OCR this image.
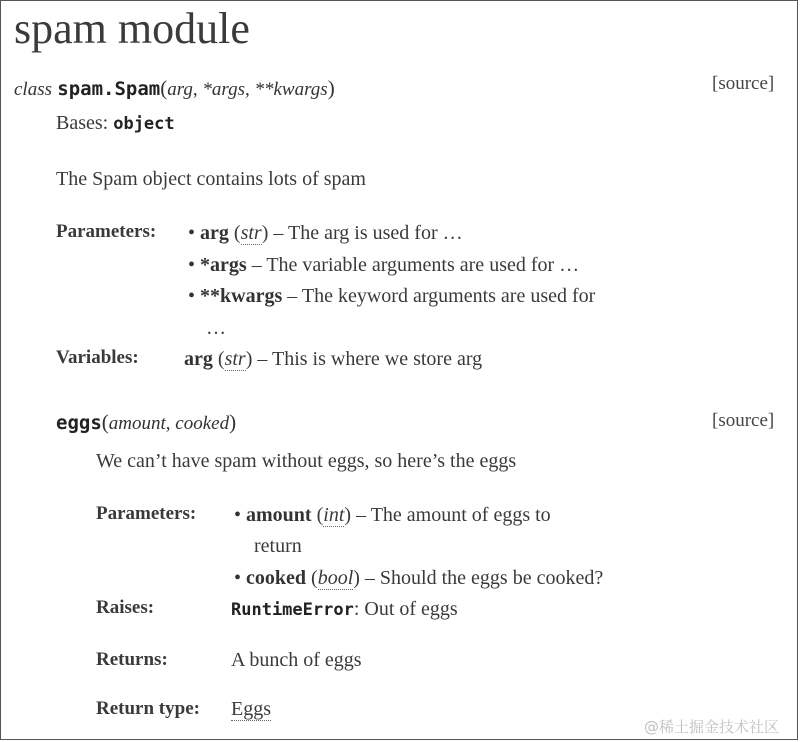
spam module
class spam.Spam(arg, *args, **kwargs)	[source]
Bases: object
The Spam object contains lots of spam
Parameters: • arg (str) – The arg is used for …
• *args – The variable arguments are used for …
• **kwargs – The keyword arguments are used for
…
Variables: arg (str) – This is where we store arg
eggs(amount, cooked)	[source]
We can’t have spam without eggs, so here’s the eggs
Parameters: • amount (int) – The amount of eggs to
return
• cooked (bool) – Should the eggs be cooked?
Raises:	RuntimeError: Out of eggs
Returns:	A bunch of eggs
Return type: Eggs
@稀土掘金技术社区
